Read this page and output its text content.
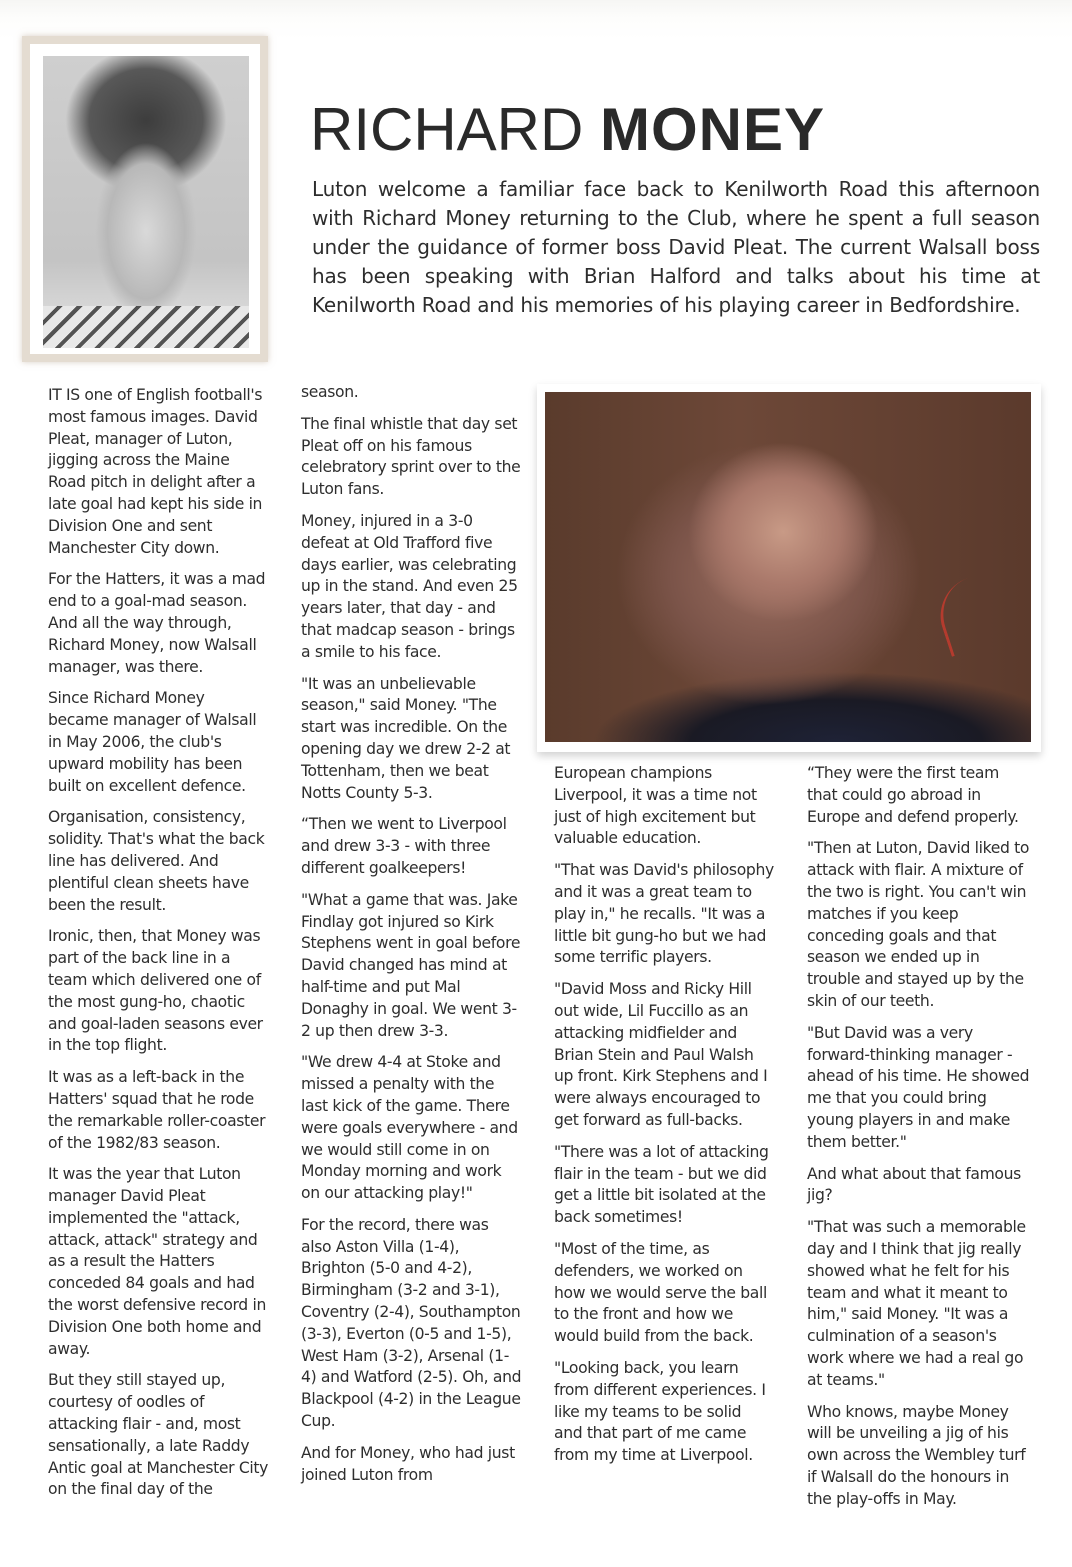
RICHARD MONEY

Luton welcome a familiar face back to Kenilworth Road this afternoon with Richard Money returning to the Club, where he spent a full season under the guidance of former boss David Pleat. The current Walsall boss has been speaking with Brian Halford and talks about his time at Kenilworth Road and his memories of his playing career in Bedfordshire.

IT IS one of English football's most famous images. David Pleat, manager of Luton, jigging across the Maine Road pitch in delight after a late goal had kept his side in Division One and sent Manchester City down.

For the Hatters, it was a mad end to a goal-mad season. And all the way through, Richard Money, now Walsall manager, was there.

Since Richard Money became manager of Walsall in May 2006, the club's upward mobility has been built on excellent defence.

Organisation, consistency, solidity. That's what the back line has delivered. And plentiful clean sheets have been the result.

Ironic, then, that Money was part of the back line in a team which delivered one of the most gung-ho, chaotic and goal-laden seasons ever in the top flight.

It was as a left-back in the Hatters' squad that he rode the remarkable roller-coaster of the 1982/83 season.

It was the year that Luton manager David Pleat implemented the "attack, attack, attack" strategy and as a result the Hatters conceded 84 goals and had the worst defensive record in Division One both home and away.

But they still stayed up, courtesy of oodles of attacking flair - and, most sensationally, a late Raddy Antic goal at Manchester City on the final day of the

season.

The final whistle that day set Pleat off on his famous celebratory sprint over to the Luton fans.

Money, injured in a 3-0 defeat at Old Trafford five days earlier, was celebrating up in the stand. And even 25 years later, that day - and that madcap season - brings a smile to his face.

"It was an unbelievable season," said Money. "The start was incredible. On the opening day we drew 2-2 at Tottenham, then we beat Notts County 5-3.

“Then we went to Liverpool and drew 3-3 - with three different goalkeepers!

"What a game that was. Jake Findlay got injured so Kirk Stephens went in goal before David changed has mind at half-time and put Mal Donaghy in goal. We went 3-2 up then drew 3-3.

"We drew 4-4 at Stoke and missed a penalty with the last kick of the game. There were goals everywhere - and we would still come in on Monday morning and work on our attacking play!"

For the record, there was also Aston Villa (1-4), Brighton (5-0 and 4-2), Birmingham (3-2 and 3-1), Coventry (2-4), Southampton (3-3), Everton (0-5 and 1-5), West Ham (3-2), Arsenal (1-4) and Watford (2-5). Oh, and Blackpool (4-2) in the League Cup.

And for Money, who had just joined Luton from

European champions Liverpool, it was a time not just of high excitement but valuable education.

"That was David's philosophy and it was a great team to play in," he recalls. "It was a little bit gung-ho but we had some terrific players.

"David Moss and Ricky Hill out wide, Lil Fuccillo as an attacking midfielder and Brian Stein and Paul Walsh up front. Kirk Stephens and I were always encouraged to get forward as full-backs.

"There was a lot of attacking flair in the team - but we did get a little bit isolated at the back sometimes!

"Most of the time, as defenders, we worked on how we would serve the ball to the front and how we would build from the back.

"Looking back, you learn from different experiences. I like my teams to be solid and that part of me came from my time at Liverpool.

“They were the first team that could go abroad in Europe and defend properly.

"Then at Luton, David liked to attack with flair. A mixture of the two is right. You can't win matches if you keep conceding goals and that season we ended up in trouble and stayed up by the skin of our teeth.

"But David was a very forward-thinking manager - ahead of his time. He showed me that you could bring young players in and make them better."

And what about that famous jig?

"That was such a memorable day and I think that jig really showed what he felt for his team and what it meant to him," said Money. "It was a culmination of a season's work where we had a real go at teams."

Who knows, maybe Money will be unveiling a jig of his own across the Wembley turf if Walsall do the honours in the play-offs in May.
